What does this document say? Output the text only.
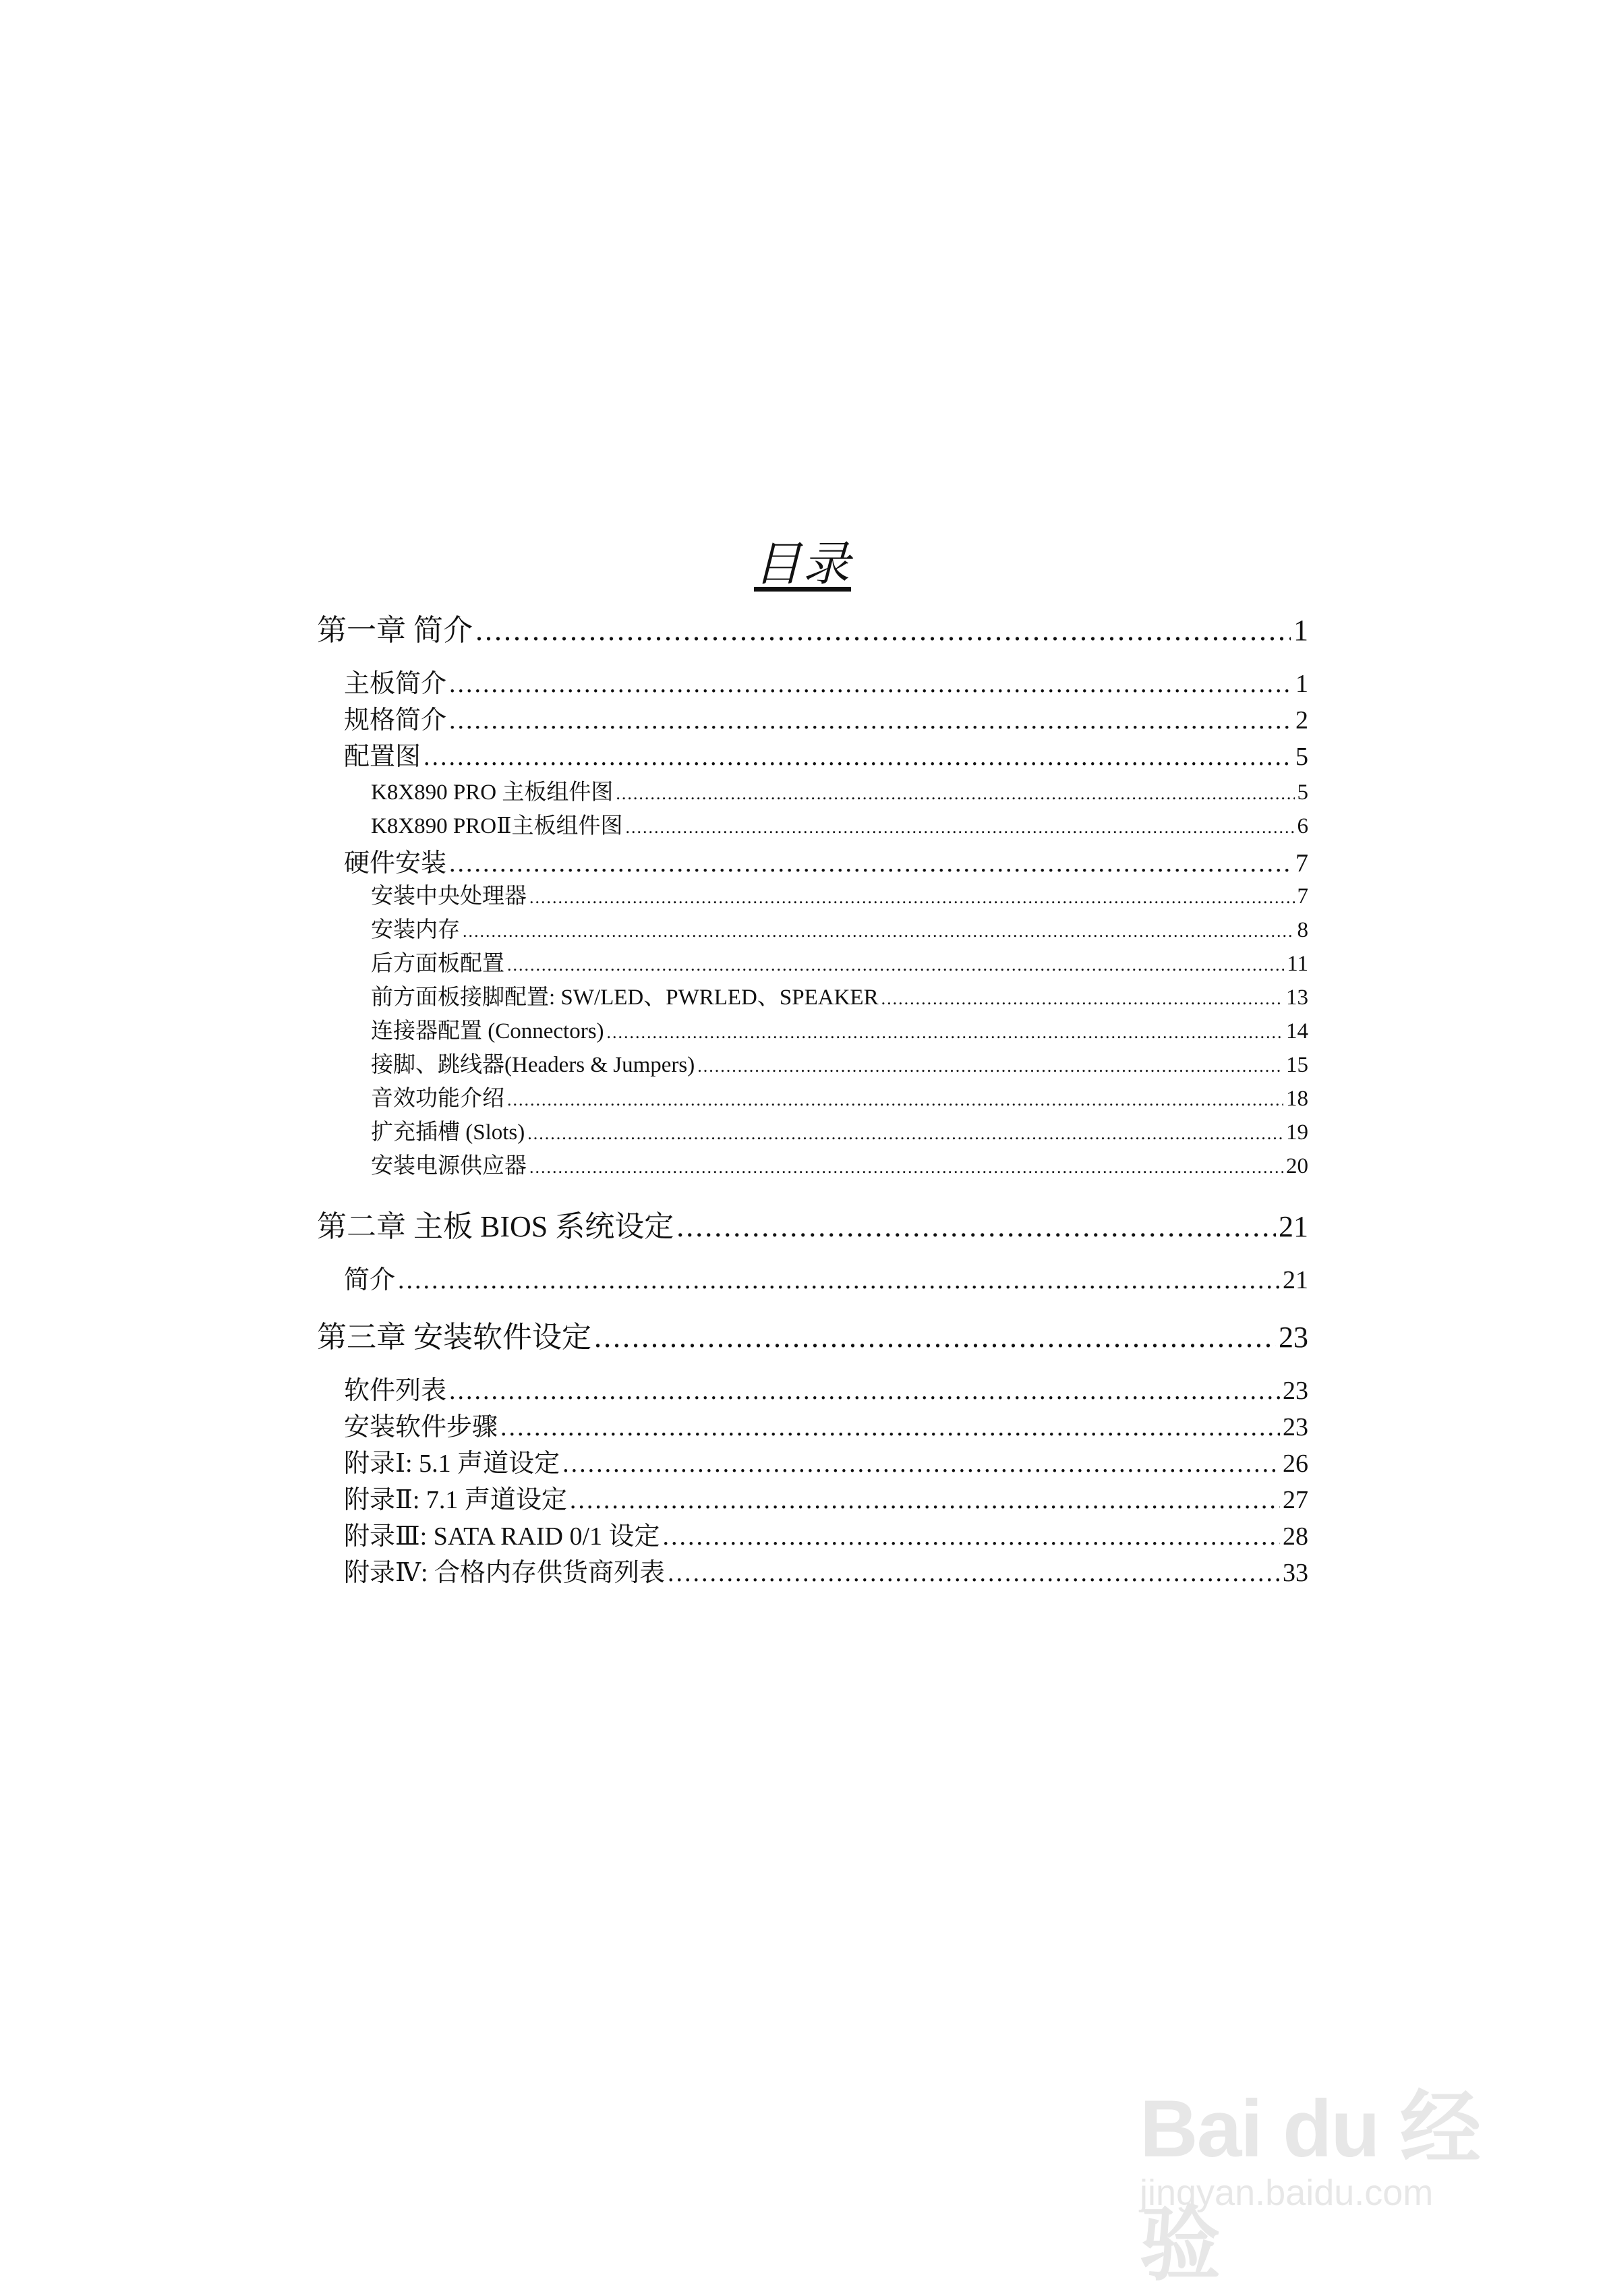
目录
第一章 简介 .....	1
主板简介 .....	1
规格简介 .....	2
配置图 .....	5
K8X890 PRO 主板组件图 .....	5
K8X890 PROⅡ主板组件图 .....	6
硬件安装 .....	7
安装中央处理器 .....	7
安装内存 .....	8
后方面板配置 .....	11
前方面板接脚配置: SW/LED、PWRLED、SPEAKER .....	13
连接器配置 (Connectors) .....	14
接脚、跳线器(Headers & Jumpers) .....	15
音效功能介绍 .....	18
扩充插槽 (Slots) .....	19
安装电源供应器 .....	20
第二章 主板 BIOS 系统设定 .....	21
简介 .....	21
第三章 安装软件设定 .....	23
软件列表 .....	23
安装软件步骤 .....	23
附录Ⅰ: 5.1 声道设定 .....	26
附录Ⅱ: 7.1 声道设定 .....	27
附录Ⅲ: SATA RAID 0/1 设定 .....	28
附录Ⅳ: 合格内存供货商列表 .....	33
Bai du 经验
jingyan.baidu.com
